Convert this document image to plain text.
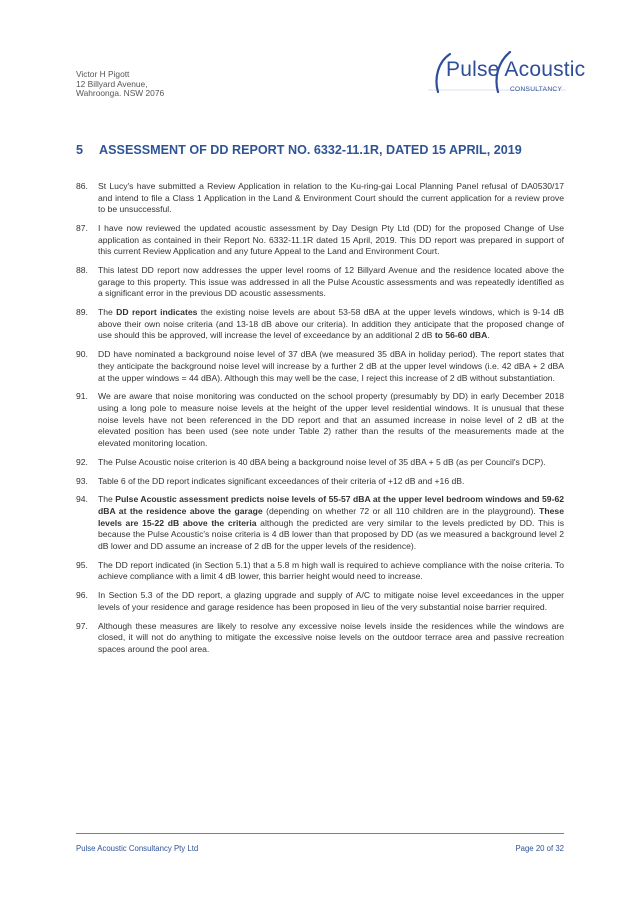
Victor H Pigott
12 Billyard Avenue,
Wahroonga. NSW 2076
Pulse Acoustic
CONSULTANCY
5 ASSESSMENT OF DD REPORT NO. 6332-11.1R, DATED 15 APRIL, 2019
86. St Lucy's have submitted a Review Application in relation to the Ku-ring-gai Local Planning Panel refusal of DA0530/17 and intend to file a Class 1 Application in the Land & Environment Court should the current application for a review prove to be unsuccessful.
87. I have now reviewed the updated acoustic assessment by Day Design Pty Ltd (DD) for the proposed Change of Use application as contained in their Report No. 6332-11.1R dated 15 April, 2019. This DD report was prepared in support of this current Review Application and any future Appeal to the Land and Environment Court.
88. This latest DD report now addresses the upper level rooms of 12 Billyard Avenue and the residence located above the garage to this property. This issue was addressed in all the Pulse Acoustic assessments and was repeatedly identified as a significant error in the previous DD acoustic assessments.
89. The DD report indicates the existing noise levels are about 53-58 dBA at the upper levels windows, which is 9-14 dB above their own noise criteria (and 13-18 dB above our criteria). In addition they anticipate that the proposed change of use should this be approved, will increase the level of exceedance by an additional 2 dB to 56-60 dBA.
90. DD have nominated a background noise level of 37 dBA (we measured 35 dBA in holiday period). The report states that they anticipate the background noise level will increase by a further 2 dB at the upper level windows (i.e. 42 dBA + 2 dBA at the upper windows = 44 dBA). Although this may well be the case, I reject this increase of 2 dB without substantiation.
91. We are aware that noise monitoring was conducted on the school property (presumably by DD) in early December 2018 using a long pole to measure noise levels at the height of the upper level residential windows. It is unusual that these noise levels have not been referenced in the DD report and that an assumed increase in noise level of 2 dB at the elevated position has been used (see note under Table 2) rather than the results of the measurements made at the elevated monitoring location.
92. The Pulse Acoustic noise criterion is 40 dBA being a background noise level of 35 dBA + 5 dB (as per Council's DCP).
93. Table 6 of the DD report indicates significant exceedances of their criteria of +12 dB and +16 dB.
94. The Pulse Acoustic assessment predicts noise levels of 55-57 dBA at the upper level bedroom windows and 59-62 dBA at the residence above the garage (depending on whether 72 or all 110 children are in the playground). These levels are 15-22 dB above the criteria although the predicted are very similar to the levels predicted by DD. This is because the Pulse Acoustic's noise criteria is 4 dB lower than that proposed by DD (as we measured a background level 2 dB lower and DD assume an increase of 2 dB for the upper levels of the residence).
95. The DD report indicated (in Section 5.1) that a 5.8 m high wall is required to achieve compliance with the noise criteria. To achieve compliance with a limit 4 dB lower, this barrier height would need to increase.
96. In Section 5.3 of the DD report, a glazing upgrade and supply of A/C to mitigate noise level exceedances in the upper levels of your residence and garage residence has been proposed in lieu of the very substantial noise barrier required.
97. Although these measures are likely to resolve any excessive noise levels inside the residences while the windows are closed, it will not do anything to mitigate the excessive noise levels on the outdoor terrace area and passive recreation spaces around the pool area.
Pulse Acoustic Consultancy Pty Ltd	Page 20 of 32
